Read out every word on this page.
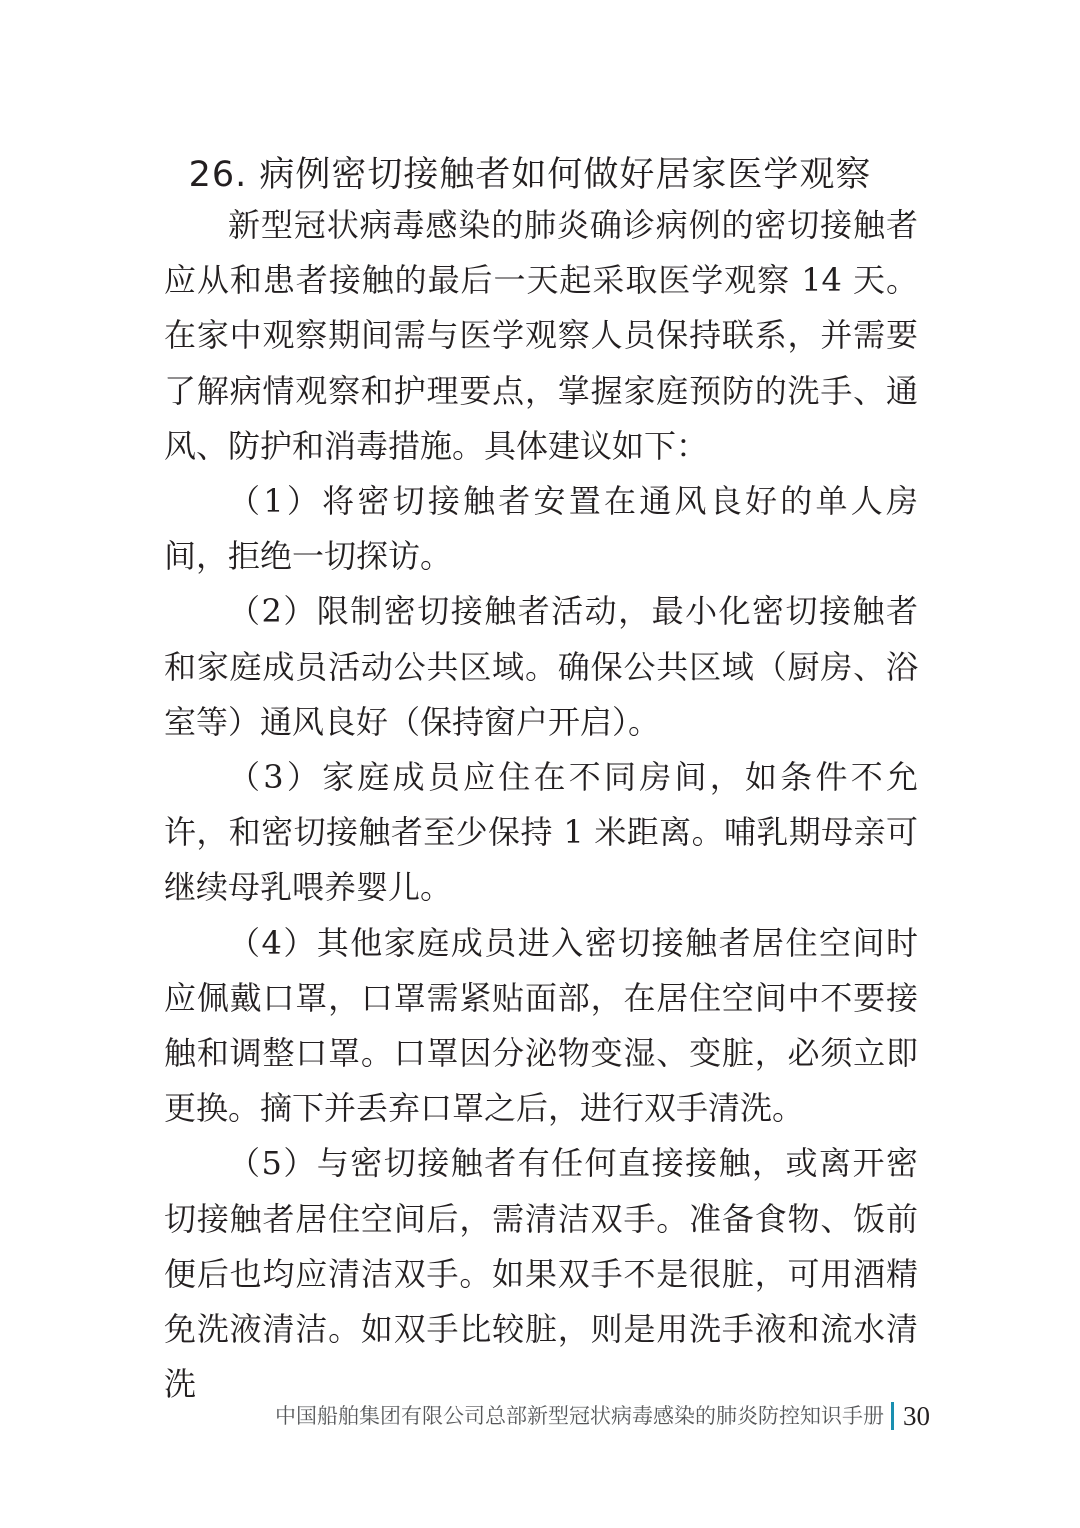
26. 病例密切接触者如何做好居家医学观察

新型冠状病毒感染的肺炎确诊病例的密切接触者应从和患者接触的最后一天起采取医学观察 14 天。在家中观察期间需与医学观察人员保持联系，并需要了解病情观察和护理要点，掌握家庭预防的洗手、通风、防护和消毒措施。具体建议如下：

（1）将密切接触者安置在通风良好的单人房间，拒绝一切探访。

（2）限制密切接触者活动，最小化密切接触者和家庭成员活动公共区域。确保公共区域（厨房、浴室等）通风良好（保持窗户开启）。

（3）家庭成员应住在不同房间，如条件不允许，和密切接触者至少保持 1 米距离。哺乳期母亲可继续母乳喂养婴儿。

（4）其他家庭成员进入密切接触者居住空间时应佩戴口罩，口罩需紧贴面部，在居住空间中不要接触和调整口罩。口罩因分泌物变湿、变脏，必须立即更换。摘下并丢弃口罩之后，进行双手清洗。

（5）与密切接触者有任何直接接触，或离开密切接触者居住空间后，需清洁双手。准备食物、饭前便后也均应清洁双手。如果双手不是很脏，可用酒精免洗液清洁。如双手比较脏，则是用洗手液和流水清洗

中国船舶集团有限公司总部新型冠状病毒感染的肺炎防控知识手册 30
